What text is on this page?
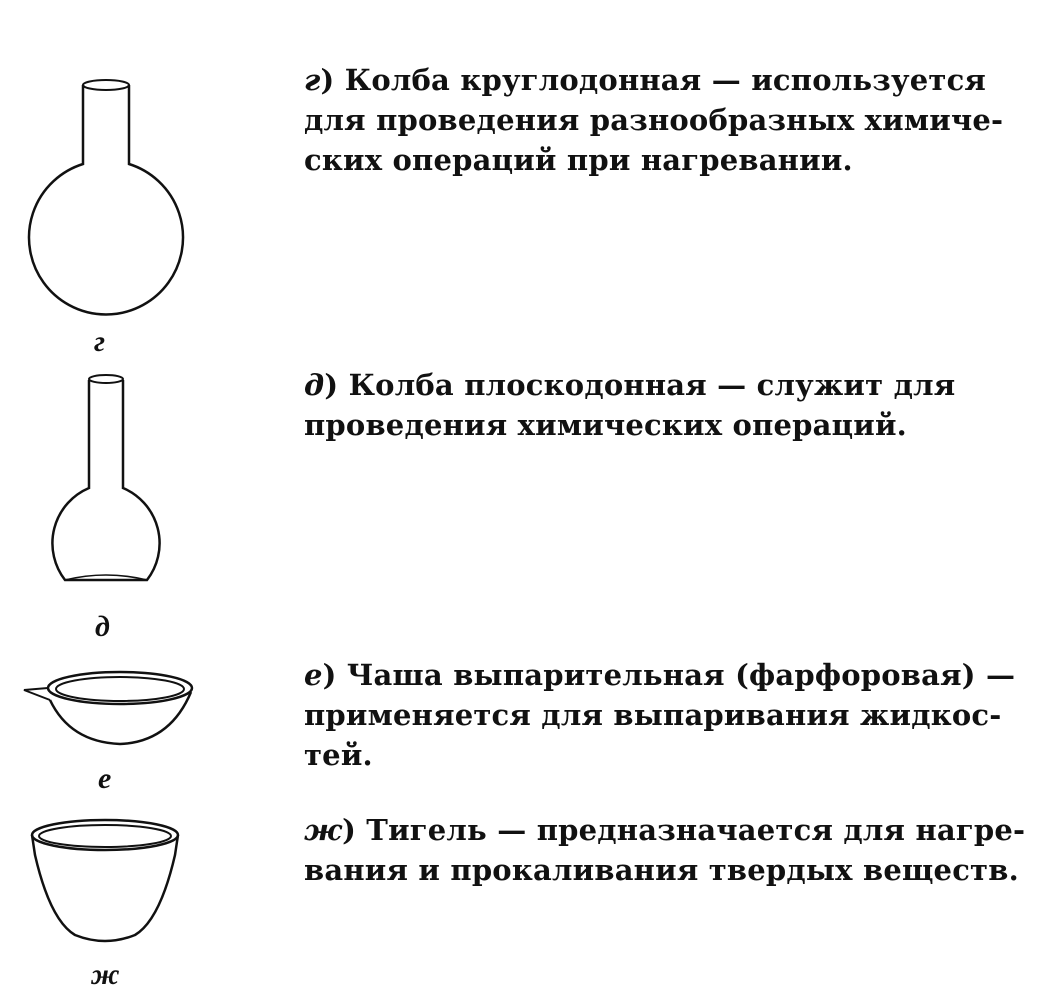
г
д
е
ж
г) Колба круглодонная — используется
для проведения разнообразных химиче-
ских операций при нагревании.
д) Колба плоскодонная — служит для
проведения химических операций.
е) Чаша выпарительная (фарфоровая) —
применяется для выпаривания жидкос-
тей.
ж) Тигель — предназначается для нагре-
вания и прокаливания твердых веществ.
